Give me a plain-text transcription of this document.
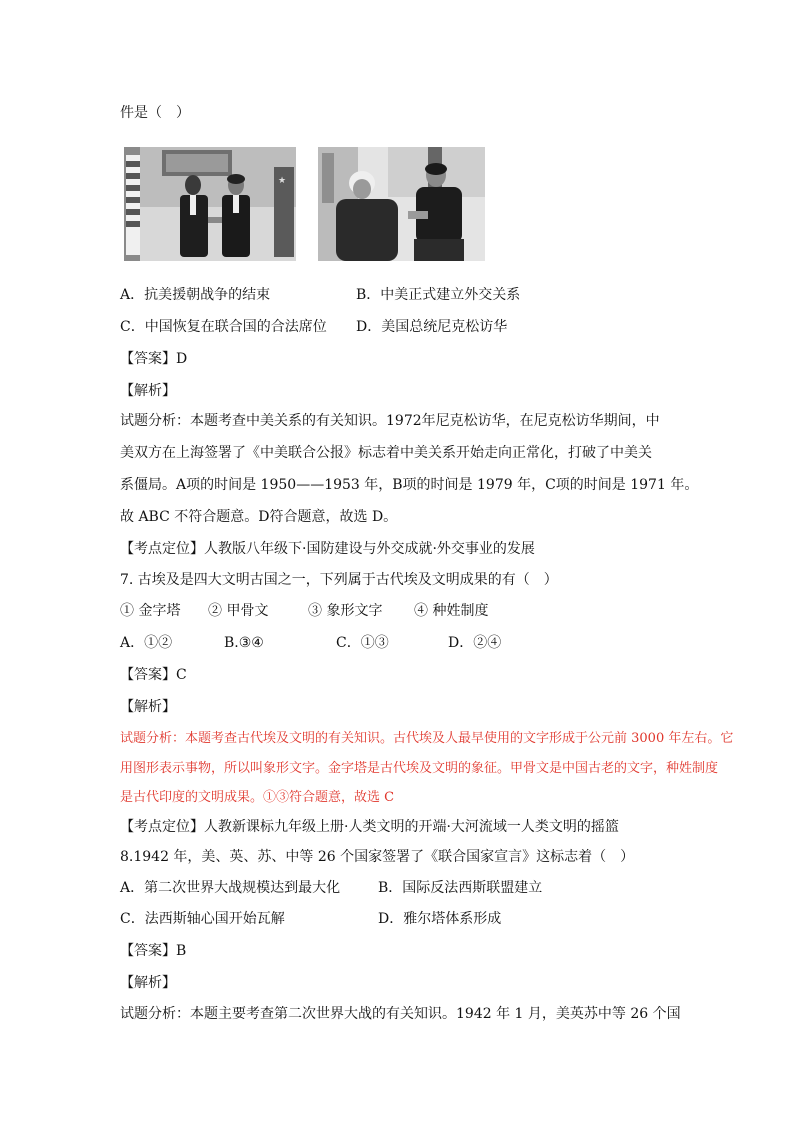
件是（　）
★
A．抗美援朝战争的结束	B．中美正式建立外交关系
C．中国恢复在联合国的合法席位 D．美国总统尼克松访华
【答案】D
【解析】
试题分析：本题考查中美关系的有关知识。1972年尼克松访华，在尼克松访华期间，中
美双方在上海签署了《中美联合公报》标志着中美关系开始走向正常化，打破了中美关
系僵局。A项的时间是 1950——1953 年，B项的时间是 1979 年，C项的时间是 1971 年。
故 ABC 不符合题意。D符合题意，故选 D。
【考点定位】人教版八年级下·国防建设与外交成就·外交事业的发展
7. 古埃及是四大文明古国之一，下列属于古代埃及文明成果的有（　）
① 金字塔 ② 甲骨文	③ 象形文字 ④ 种姓制度
A．①②	B.③④	C．①③	D．②④
【答案】C
【解析】
试题分析：本题考查古代埃及文明的有关知识。古代埃及人最早使用的文字形成于公元前 3000 年左右。它
用图形表示事物，所以叫象形文字。金字塔是古代埃及文明的象征。甲骨文是中国古老的文字，种姓制度
是古代印度的文明成果。①③符合题意，故选 C
【考点定位】人教新课标九年级上册·人类文明的开端·大河流域一人类文明的摇篮
8.1942 年，美、英、苏、中等 26 个国家签署了《联合国家宣言》这标志着（　）
A．第二次世界大战规模达到最大化	B．国际反法西斯联盟建立
C．法西斯轴心国开始瓦解	D．雅尔塔体系形成
【答案】B
【解析】
试题分析：本题主要考查第二次世界大战的有关知识。1942 年 1 月，美英苏中等 26 个国
